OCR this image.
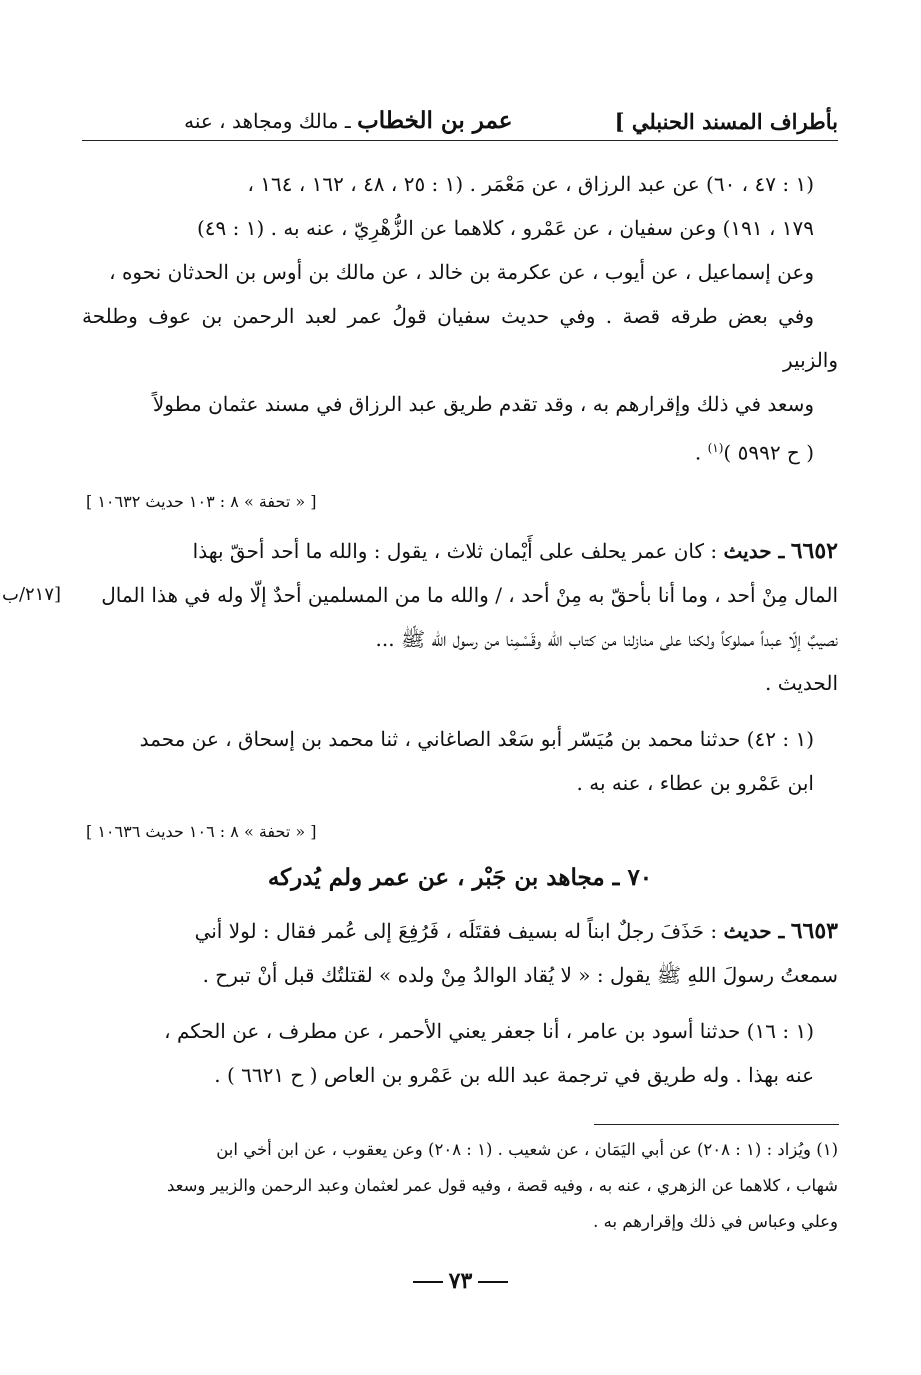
بأطراف المسند الحنبلي ]
عمر بن الخطاب ـ مالك ومجاهد ، عنه
(١ : ٤٧ ، ٦٠) عن عبد الرزاق ، عن مَعْمَر . (١ : ٢٥ ، ٤٨ ، ١٦٢ ، ١٦٤ ،
١٧٩ ، ١٩١) وعن سفيان ، عن عَمْرو ، كلاهما عن الزُّهْرِيّ ، عنه به . (١ : ٤٩)
وعن إسماعيل ، عن أيوب ، عن عكرمة بن خالد ، عن مالك بن أوس بن الحدثان نحوه ،
وفي بعض طرقه قصة . وفي حديث سفيان قولُ عمر لعبد الرحمن بن عوف وطلحة والزبير
وسعد في ذلك وإقرارهم به ، وقد تقدم طريق عبد الرزاق في مسند عثمان مطولاً
( ح ٥٩٩٢ )$^{(١)}$ .
[ « تحفة » ٨ : ١٠٣ حديث ١٠٦٣٢ ]
٦٦٥٢ ـ حديث : كان عمر يحلف على أَيْمان ثلاث ، يقول : والله ما أحد أحقّ بهذا
المال مِنْ أحد ، وما أنا بأحقّ به مِنْ أحد ، / والله ما من المسلمين أحدٌ إلّا وله في هذا المال
[٢١٧/ب
نصيبٌ إلّا عبداً مملوكاً ولكنا على منازلنا من كتاب الله وقَسْمِنا من رسول الله ﷺ ...
الحديث .
(١ : ٤٢) حدثنا محمد بن مُيَسّر أبو سَعْد الصاغاني ، ثنا محمد بن إسحاق ، عن محمد
ابن عَمْرو بن عطاء ، عنه به .
[ « تحفة » ٨ : ١٠٦ حديث ١٠٦٣٦ ]
٧٠ ـ مجاهد بن جَبْر ، عن عمر ولم يُدركه
٦٦٥٣ ـ حديث : حَذَفَ رجلٌ ابناً له بسيف فقتَلَه ، فَرُفِعَ إلى عُمر فقال : لولا أني
سمعتُ رسولَ اللهِ ﷺ يقول : « لا يُقاد الوالدُ مِنْ ولده » لقتلتُك قبل أنْ تبرح .
(١ : ١٦) حدثنا أسود بن عامر ، أنا جعفر يعني الأحمر ، عن مطرف ، عن الحكم ،
عنه بهذا . وله طريق في ترجمة عبد الله بن عَمْرو بن العاص ( ح ٦٦٢١ ) .
(١) ويُزاد : (١ : ٢٠٨) عن أبي اليَمَان ، عن شعيب . (١ : ٢٠٨) وعن يعقوب ، عن ابن أخي ابن
شهاب ، كلاهما عن الزهري ، عنه به ، وفيه قصة ، وفيه قول عمر لعثمان وعبد الرحمن والزبير وسعد
وعلي وعباس في ذلك وإقرارهم به .
٧٣
